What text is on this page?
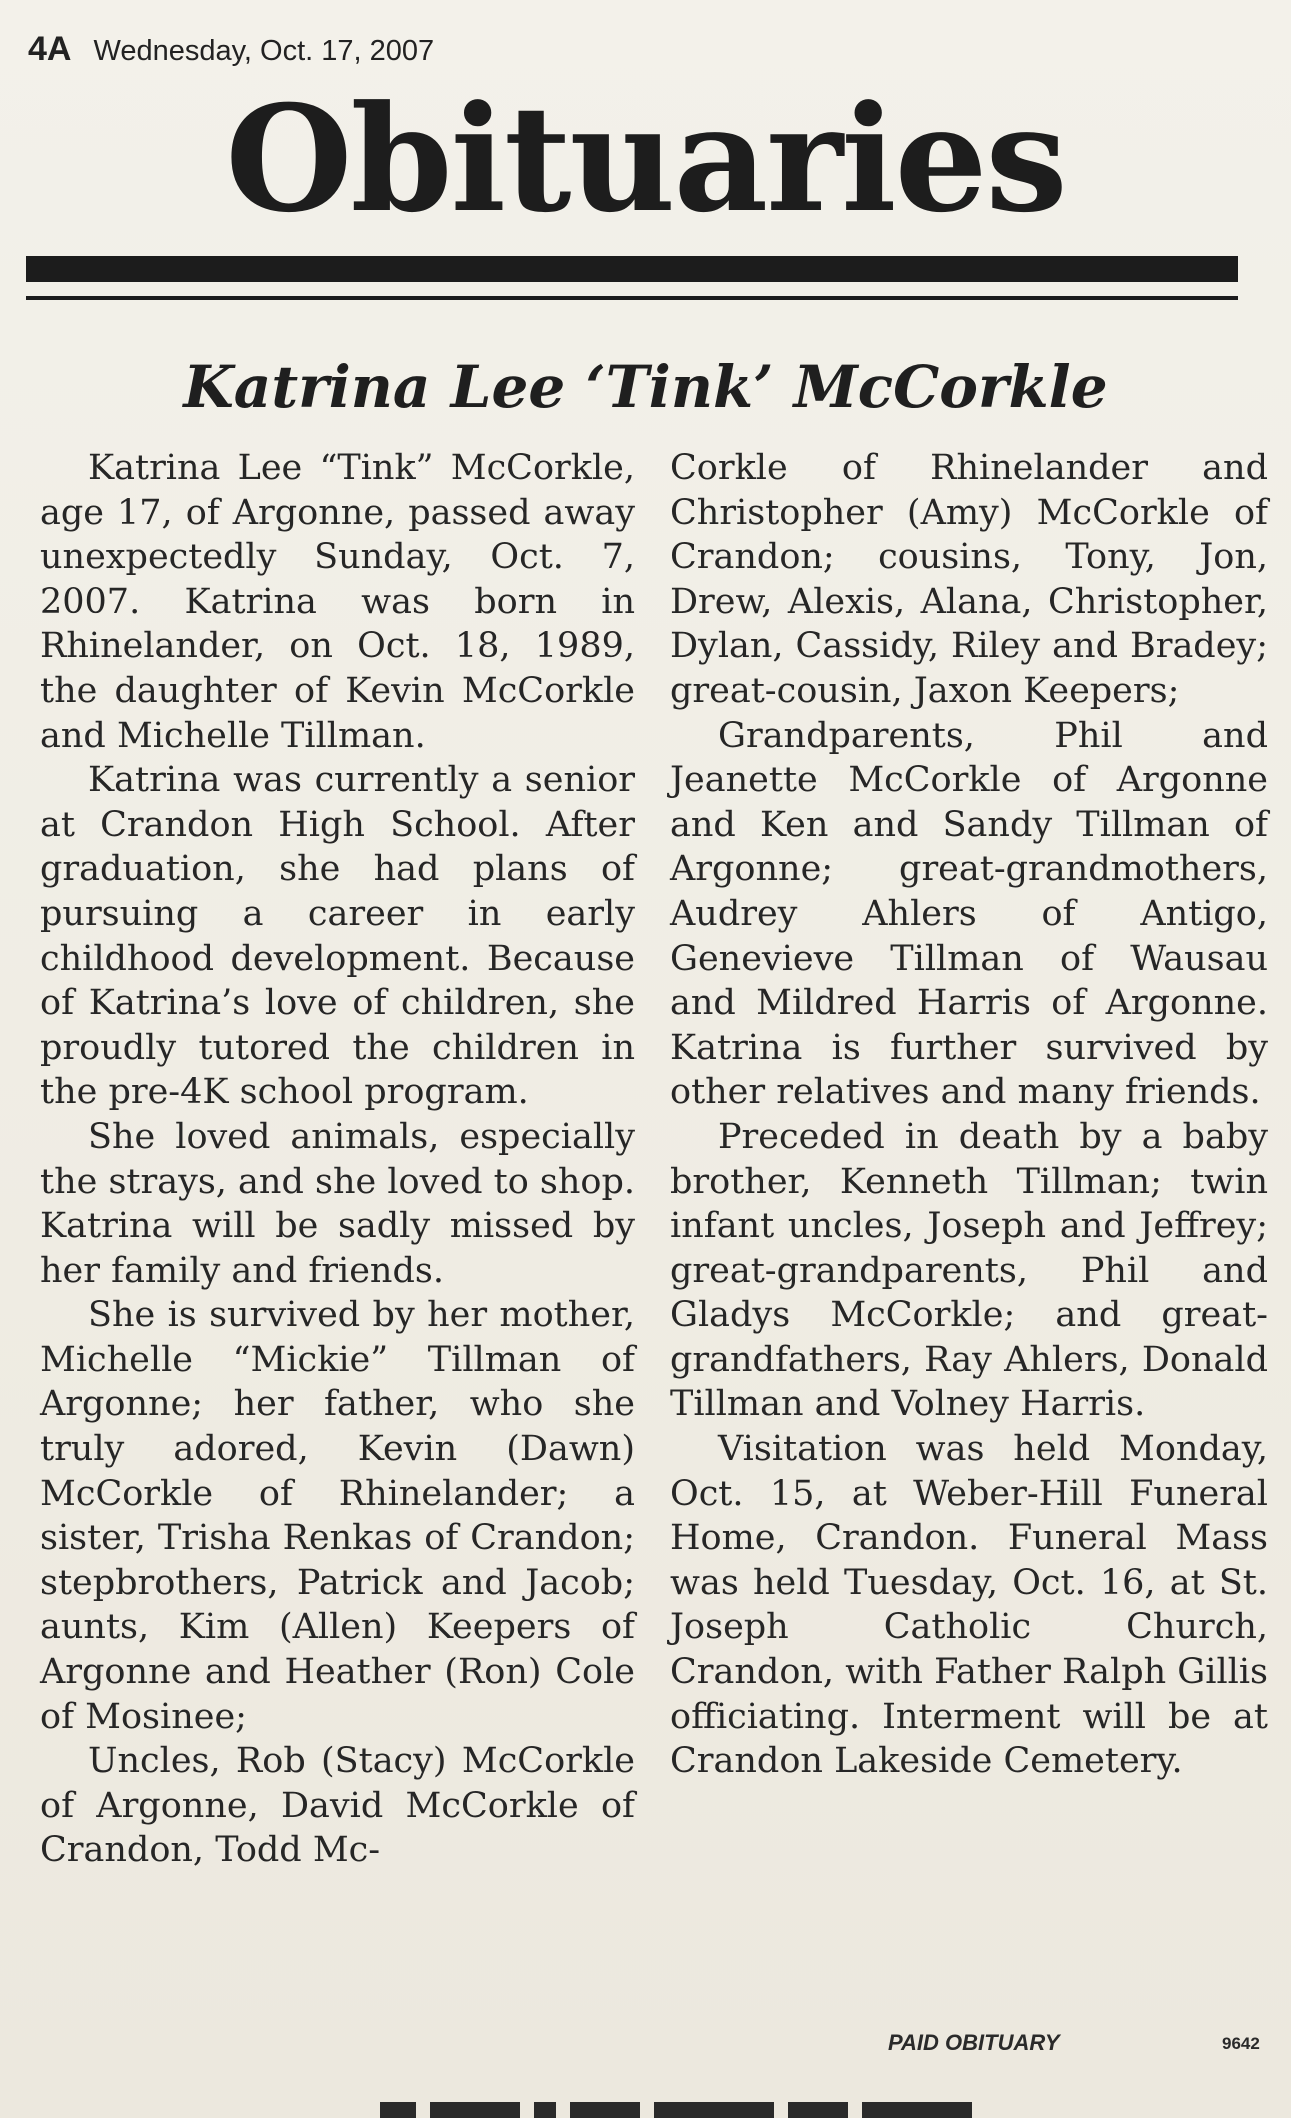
4A Wednesday, Oct. 17, 2007
Obituaries
Katrina Lee ‘Tink’ McCorkle

Katrina Lee “Tink” McCorkle, age 17, of Argonne, passed away unexpectedly Sunday, Oct. 7, 2007. Katrina was born in Rhinelander, on Oct. 18, 1989, the daughter of Kevin McCorkle and Michelle Tillman.

Katrina was currently a senior at Crandon High School. After graduation, she had plans of pursuing a career in early childhood development. Because of Katrina’s love of children, she proudly tutored the children in the pre-4K school program.

She loved animals, especially the strays, and she loved to shop. Katrina will be sadly missed by her family and friends.

She is survived by her mother, Michelle “Mickie” Tillman of Argonne; her father, who she truly adored, Kevin (Dawn) McCorkle of Rhinelander; a sister, Trisha Renkas of Crandon; stepbrothers, Patrick and Jacob; aunts, Kim (Allen) Keepers of Argonne and Heather (Ron) Cole of Mosinee;

Uncles, Rob (Stacy) McCorkle of Argonne, David McCorkle of Crandon, Todd Mc-

Corkle of Rhinelander and Christopher (Amy) McCorkle of Crandon; cousins, Tony, Jon, Drew, Alexis, Alana, Christopher, Dylan, Cassidy, Riley and Bradey; great-cousin, Jaxon Keepers;

Grandparents, Phil and Jeanette McCorkle of Argonne and Ken and Sandy Tillman of Argonne; great-grandmothers, Audrey Ahlers of Antigo, Genevieve Tillman of Wausau and Mildred Harris of Argonne. Katrina is further survived by other relatives and many friends.

Preceded in death by a baby brother, Kenneth Tillman; twin infant uncles, Joseph and Jeffrey; great-grandparents, Phil and Gladys McCorkle; and great-grandfathers, Ray Ahlers, Donald Tillman and Volney Harris.

Visitation was held Monday, Oct. 15, at Weber-Hill Funeral Home, Crandon. Funeral Mass was held Tuesday, Oct. 16, at St. Joseph Catholic Church, Crandon, with Father Ralph Gillis officiating. Interment will be at Crandon Lakeside Cemetery.

PAID OBITUARY	9642
